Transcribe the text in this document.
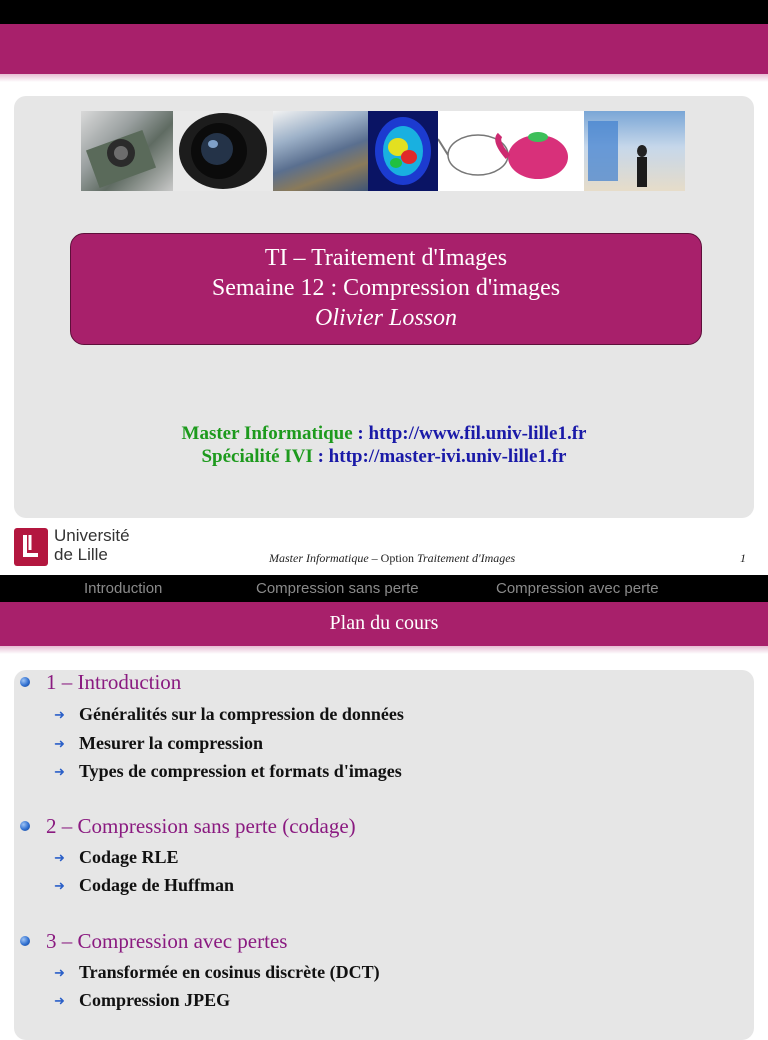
TI – Traitement d'Images
Semaine 12 : Compression d'images
Olivier Losson
Master Informatique : http://www.fil.univ-lille1.fr
Spécialité IVI : http://master-ivi.univ-lille1.fr
Université
de Lille	Master Informatique – Option Traitement d'Images	1
Introduction	Compression sans perte	Compression avec perte
Plan du cours
1 – Introduction
➜ Généralités sur la compression de données
➜ Mesurer la compression
➜ Types de compression et formats d'images
2 – Compression sans perte (codage)
➜ Codage RLE
➜ Codage de Huffman
3 – Compression avec pertes
➜ Transformée en cosinus discrète (DCT)
➜ Compression JPEG
